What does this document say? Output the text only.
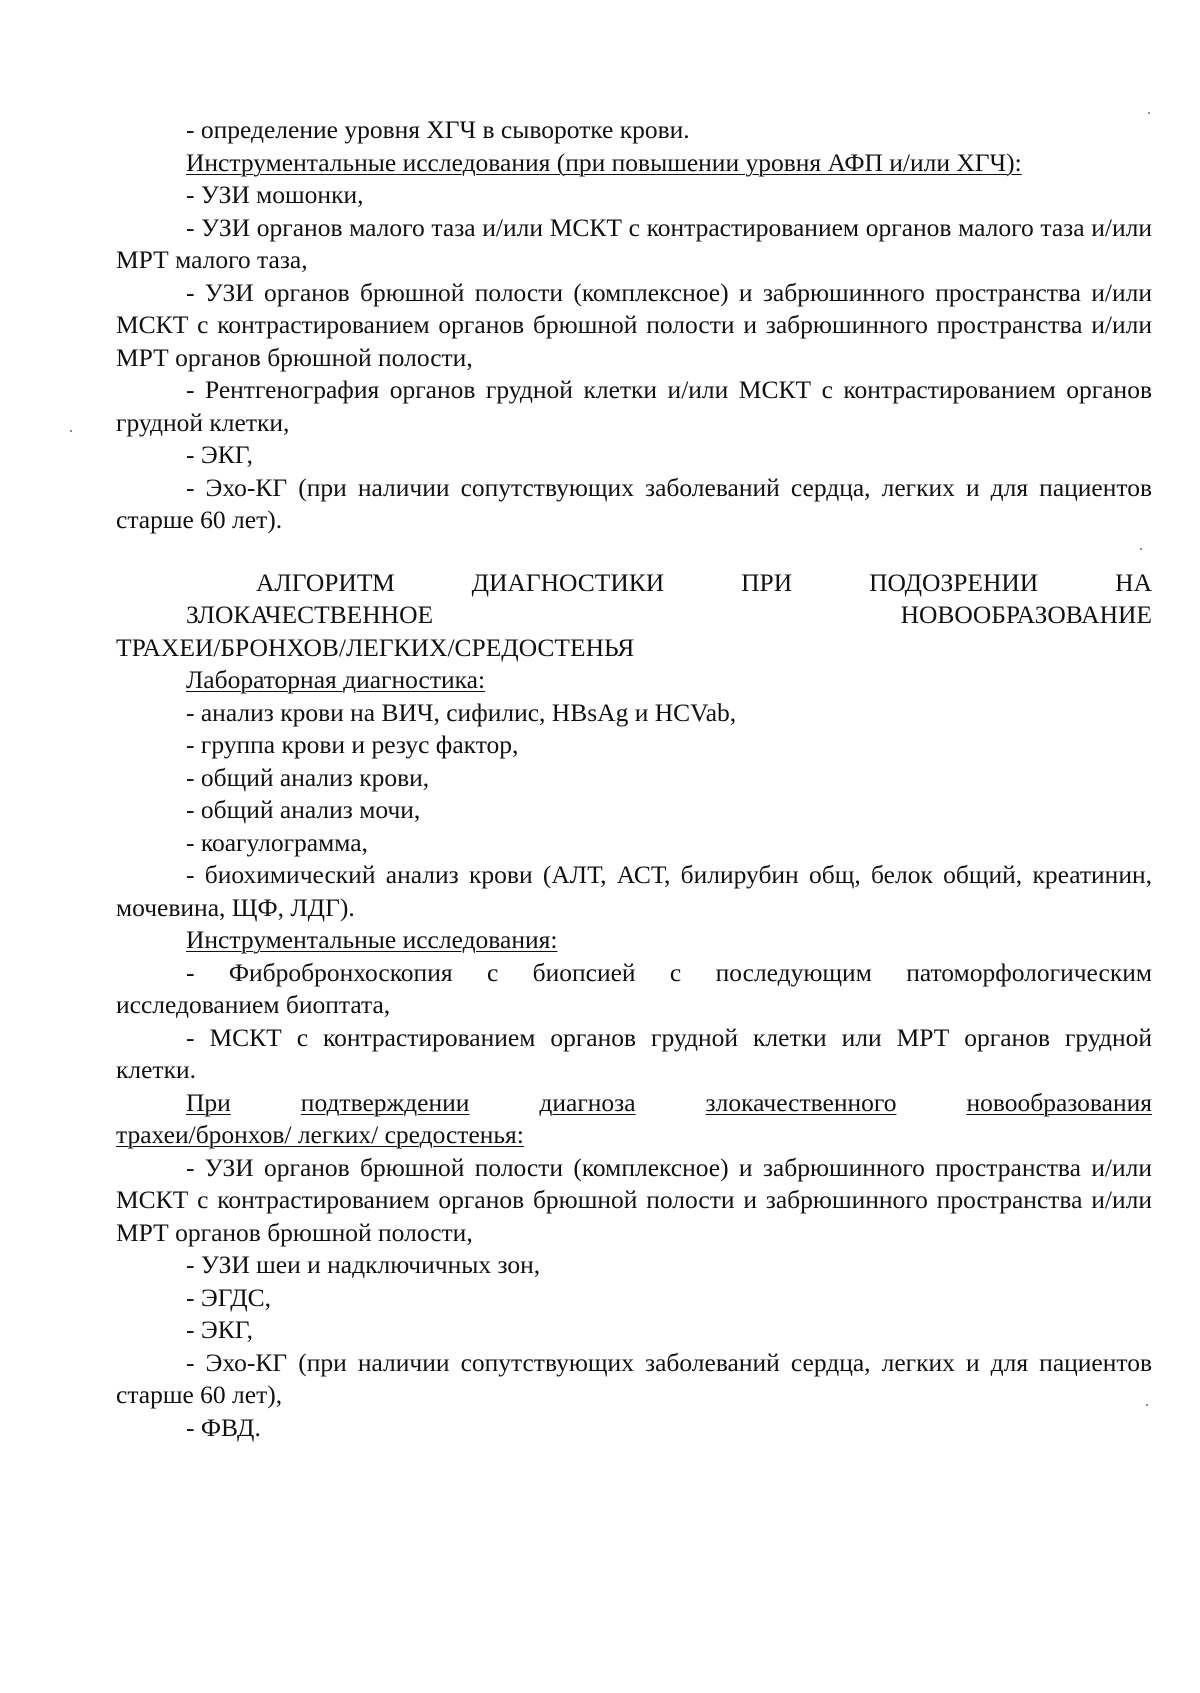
- определение уровня ХГЧ в сыворотке крови.

Инструментальные исследования (при повышении уровня АФП и/или ХГЧ):

- УЗИ мошонки,

- УЗИ органов малого таза и/или МСКТ с контрастированием органов малого таза и/или МРТ малого таза,

- УЗИ органов брюшной полости (комплексное) и забрюшинного пространства и/или МСКТ с контрастированием органов брюшной полости и забрюшинного пространства и/или МРТ органов брюшной полости,

- Рентгенография органов грудной клетки и/или МСКТ с контрастированием органов грудной клетки,

- ЭКГ,

- Эхо-КГ (при наличии сопутствующих заболеваний сердца, легких и для пациентов старше 60 лет).

АЛГОРИТМ	ДИАГНОСТИКИ	ПРИ	ПОДОЗРЕНИИ	НА
ЗЛОКАЧЕСТВЕННОЕ	НОВООБРАЗОВАНИЕ
ТРАХЕИ/БРОНХОВ/ЛЕГКИХ/СРЕДОСТЕНЬЯ

Лабораторная диагностика:

- анализ крови на ВИЧ, сифилис, HBsAg и HCVab,

- группа крови и резус фактор,

- общий анализ крови,

- общий анализ мочи,

- коагулограмма,

- биохимический анализ крови (АЛТ, АСТ, билирубин общ, белок общий, креатинин, мочевина, ЩФ, ЛДГ).

Инструментальные исследования:

- Фибробронхоскопия с биопсией с последующим патоморфологическим исследованием биоптата,

- МСКТ с контрастированием органов грудной клетки или МРТ органов грудной клетки.

При	подтверждении	диагноза	злокачественного	новообразования
трахеи/бронхов/ легких/ средостенья:

- УЗИ органов брюшной полости (комплексное) и забрюшинного пространства и/или МСКТ с контрастированием органов брюшной полости и забрюшинного пространства и/или МРТ органов брюшной полости,

- УЗИ шеи и надключичных зон,

- ЭГДС,

- ЭКГ,

- Эхо-КГ (при наличии сопутствующих заболеваний сердца, легких и для пациентов старше 60 лет),

- ФВД.
